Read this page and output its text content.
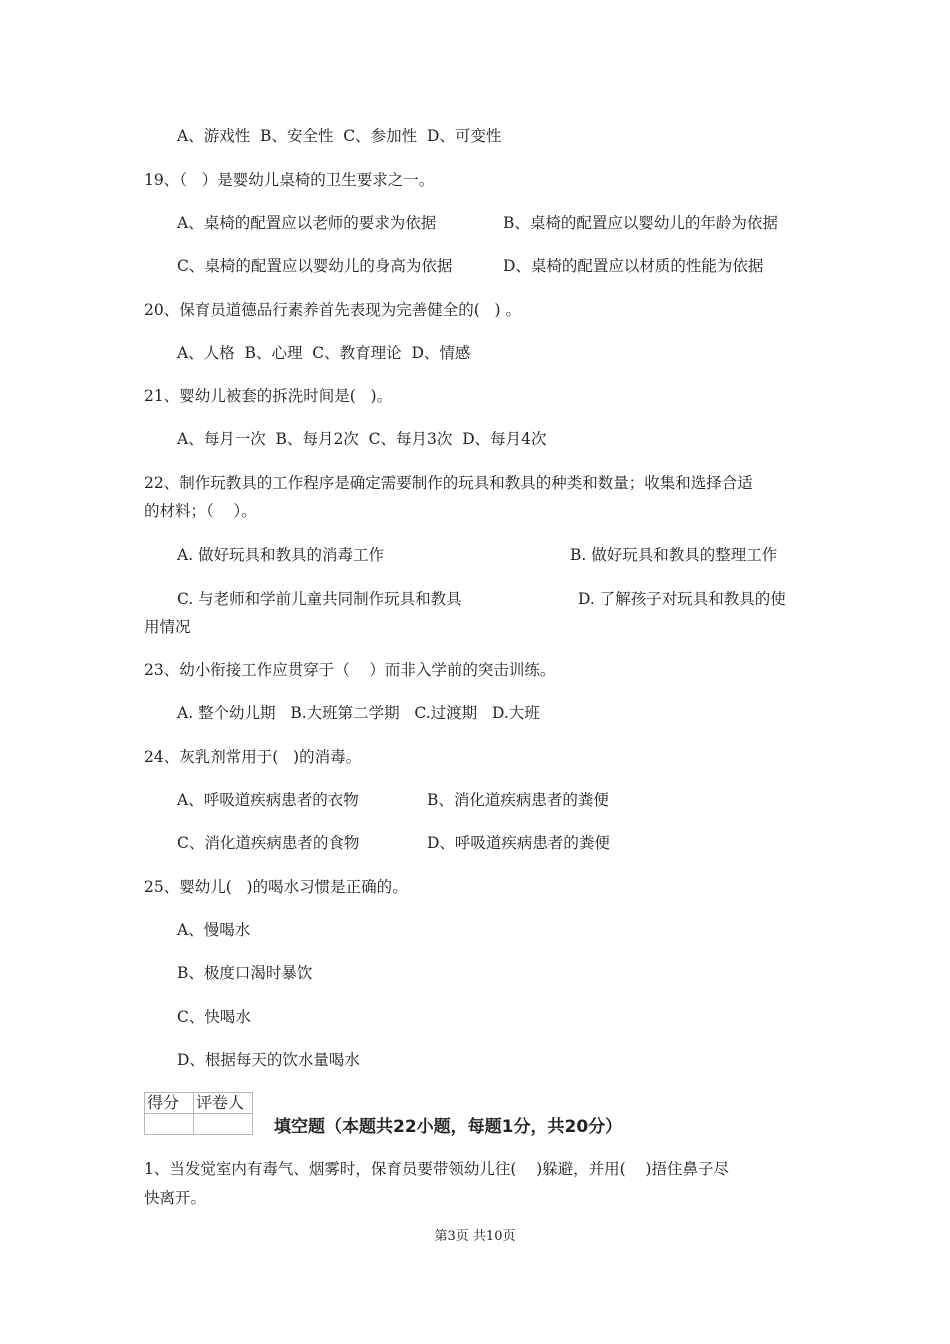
A、游戏性  B、安全性  C、参加性  D、可变性
19、（   ）是婴幼儿桌椅的卫生要求之一。
A、桌椅的配置应以老师的要求为依据	B、桌椅的配置应以婴幼儿的年龄为依据
C、桌椅的配置应以婴幼儿的身高为依据	D、桌椅的配置应以材质的性能为依据
20、保育员道德品行素养首先表现为完善健全的(   ) 。
A、人格  B、心理  C、教育理论  D、情感
21、婴幼儿被套的拆洗时间是(   )。
A、每月一次  B、每月2次  C、每月3次  D、每月4次
22、制作玩教具的工作程序是确定需要制作的玩具和教具的种类和数量；收集和选择合适
的材料；（    ）。
A. 做好玩具和教具的消毒工作	B. 做好玩具和教具的整理工作
C. 与老师和学前儿童共同制作玩具和教具	D. 了解孩子对玩具和教具的使
用情况
23、幼小衔接工作应贯穿于（    ）而非入学前的突击训练。
A. 整个幼儿期   B.大班第二学期   C.过渡期   D.大班
24、灰乳剂常用于(   )的消毒。
A、呼吸道疾病患者的衣物	B、消化道疾病患者的粪便
C、消化道疾病患者的食物	D、呼吸道疾病患者的粪便
25、婴幼儿(   )的喝水习惯是正确的。
A、慢喝水
B、极度口渴时暴饮
C、快喝水
D、根据每天的饮水量喝水
得分	评卷人

填空题（本题共22小题，每题1分，共20分）
1、当发觉室内有毒气、烟雾时，保育员要带领幼儿往(    )躲避，并用(    )捂住鼻子尽
快离开。
第3页 共10页
